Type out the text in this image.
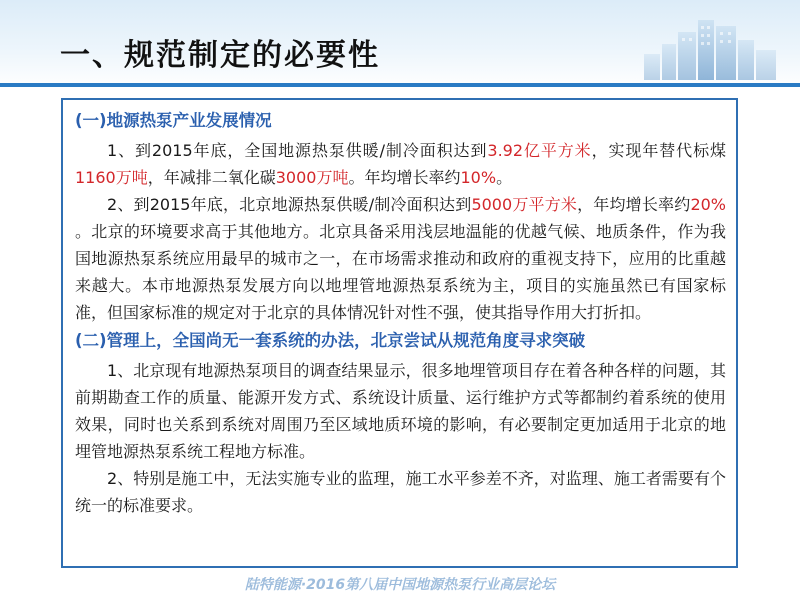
一、规范制定的必要性

(一)地源热泵产业发展情况

1、到2015年底，全国地源热泵供暖/制冷面积达到3.92亿平方米，实现年替代标煤1160万吨，年减排二氧化碳3000万吨。年均增长率约10%。

2、到2015年底，北京地源热泵供暖/制冷面积达到5000万平方米，年均增长率约20% 。北京的环境要求高于其他地方。北京具备采用浅层地温能的优越气候、地质条件，作为我国地源热泵系统应用最早的城市之一，在市场需求推动和政府的重视支持下，应用的比重越来越大。本市地源热泵发展方向以地埋管地源热泵系统为主，项目的实施虽然已有国家标准，但国家标准的规定对于北京的具体情况针对性不强，使其指导作用大打折扣。

(二)管理上，全国尚无一套系统的办法，北京尝试从规范角度寻求突破

1、北京现有地源热泵项目的调查结果显示，很多地埋管项目存在着各种各样的问题，其前期勘查工作的质量、能源开发方式、系统设计质量、运行维护方式等都制约着系统的使用效果，同时也关系到系统对周围乃至区域地质环境的影响，有必要制定更加适用于北京的地埋管地源热泵系统工程地方标准。

2、特别是施工中，无法实施专业的监理，施工水平参差不齐，对监理、施工者需要有个统一的标准要求。

陆特能源·2016第八届中国地源热泵行业高层论坛
